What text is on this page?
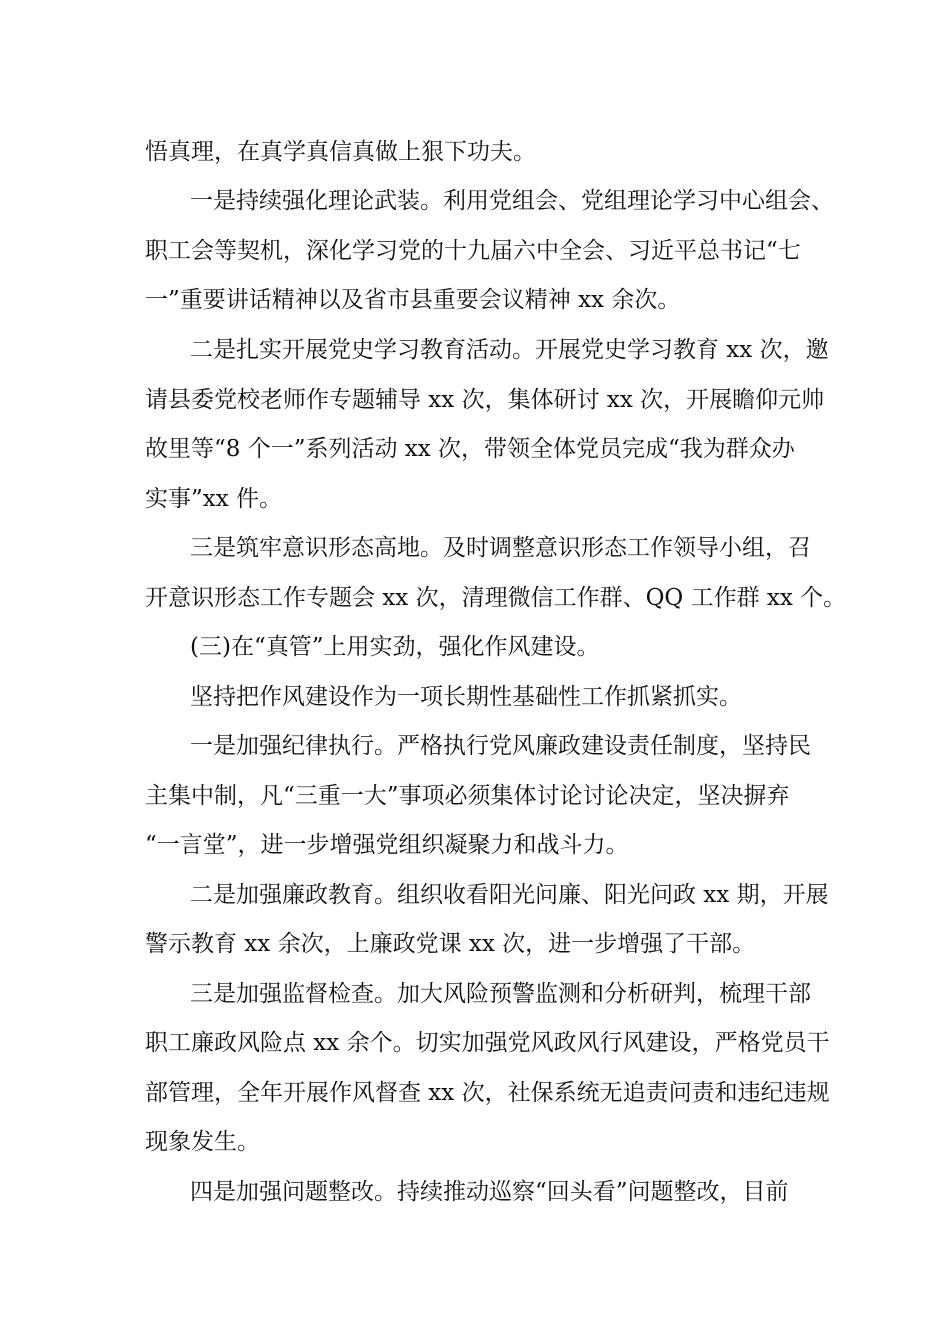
悟真理，在真学真信真做上狠下功夫。

一是持续强化理论武装。利用党组会、党组理论学习中心组会、

职工会等契机，深化学习党的十九届六中全会、习近平总书记“七

一”重要讲话精神以及省市县重要会议精神 xx 余次。

二是扎实开展党史学习教育活动。开展党史学习教育 xx 次，邀

请县委党校老师作专题辅导 xx 次，集体研讨 xx 次，开展瞻仰元帅

故里等“8 个一”系列活动 xx 次，带领全体党员完成“我为群众办

实事”xx 件。

三是筑牢意识形态高地。及时调整意识形态工作领导小组，召

开意识形态工作专题会 xx 次，清理微信工作群、QQ 工作群 xx 个。

(三)在“真管”上用实劲，强化作风建设。

坚持把作风建设作为一项长期性基础性工作抓紧抓实。

一是加强纪律执行。严格执行党风廉政建设责任制度，坚持民

主集中制，凡“三重一大”事项必须集体讨论讨论决定，坚决摒弃

“一言堂”，进一步增强党组织凝聚力和战斗力。

二是加强廉政教育。组织收看阳光问廉、阳光问政 xx 期，开展

警示教育 xx 余次，上廉政党课 xx 次，进一步增强了干部。

三是加强监督检查。加大风险预警监测和分析研判，梳理干部

职工廉政风险点 xx 余个。切实加强党风政风行风建设，严格党员干

部管理，全年开展作风督查 xx 次，社保系统无追责问责和违纪违规

现象发生。

四是加强问题整改。持续推动巡察“回头看”问题整改，目前
